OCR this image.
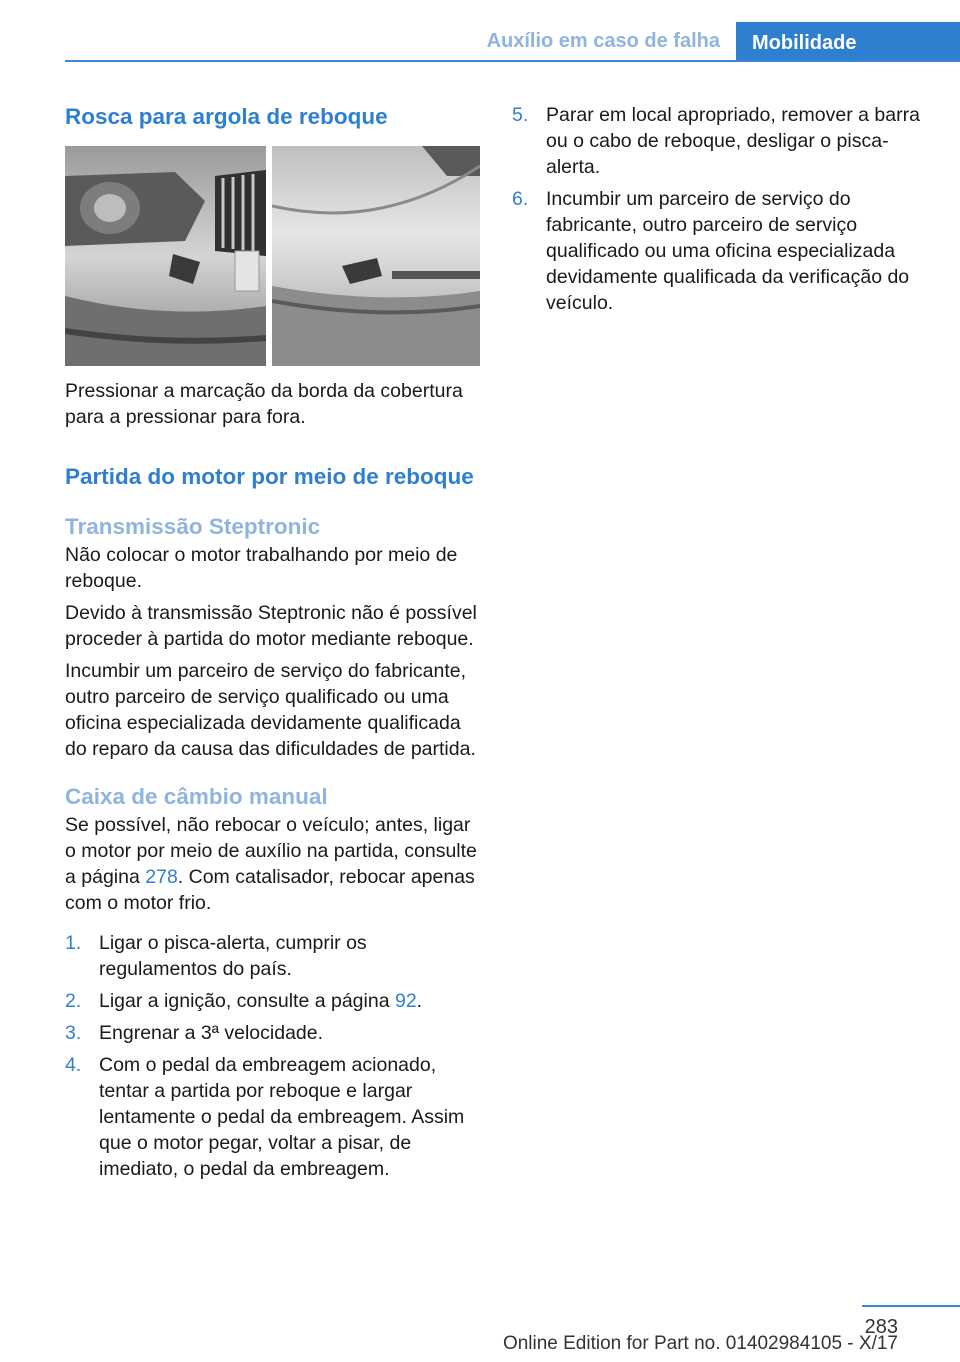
Auxílio em caso de falha	Mobilidade
Rosca para argola de reboque

Pressionar a marcação da borda da cobertura para a pressionar para fora.

Partida do motor por meio de reboque
Transmissão Steptronic

Não colocar o motor trabalhando por meio de reboque.

Devido à transmissão Steptronic não é possível proceder à partida do motor mediante reboque.

Incumbir um parceiro de serviço do fabricante, outro parceiro de serviço qualificado ou uma oficina especializada devidamente qualificada do reparo da causa das dificuldades de partida.

Caixa de câmbio manual

Se possível, não rebocar o veículo; antes, ligar o motor por meio de auxílio na partida, consulte a página 278. Com catalisador, rebocar apenas com o motor frio.

1. Ligar o pisca-alerta, cumprir os regulamentos do país.
2. Ligar a ignição, consulte a página 92.
3. Engrenar a 3ª velocidade.
4. Com o pedal da embreagem acionado, tentar a partida por reboque e largar lentamente o pedal da embreagem. Assim que o motor pegar, voltar a pisar, de imediato, o pedal da embreagem.
5. Parar em local apropriado, remover a barra ou o cabo de reboque, desligar o pisca-alerta.
6. Incumbir um parceiro de serviço do fabricante, outro parceiro de serviço qualificado ou uma oficina especializada devidamente qualificada da verificação do veículo.
283
Online Edition for Part no. 01402984105 - X/17
